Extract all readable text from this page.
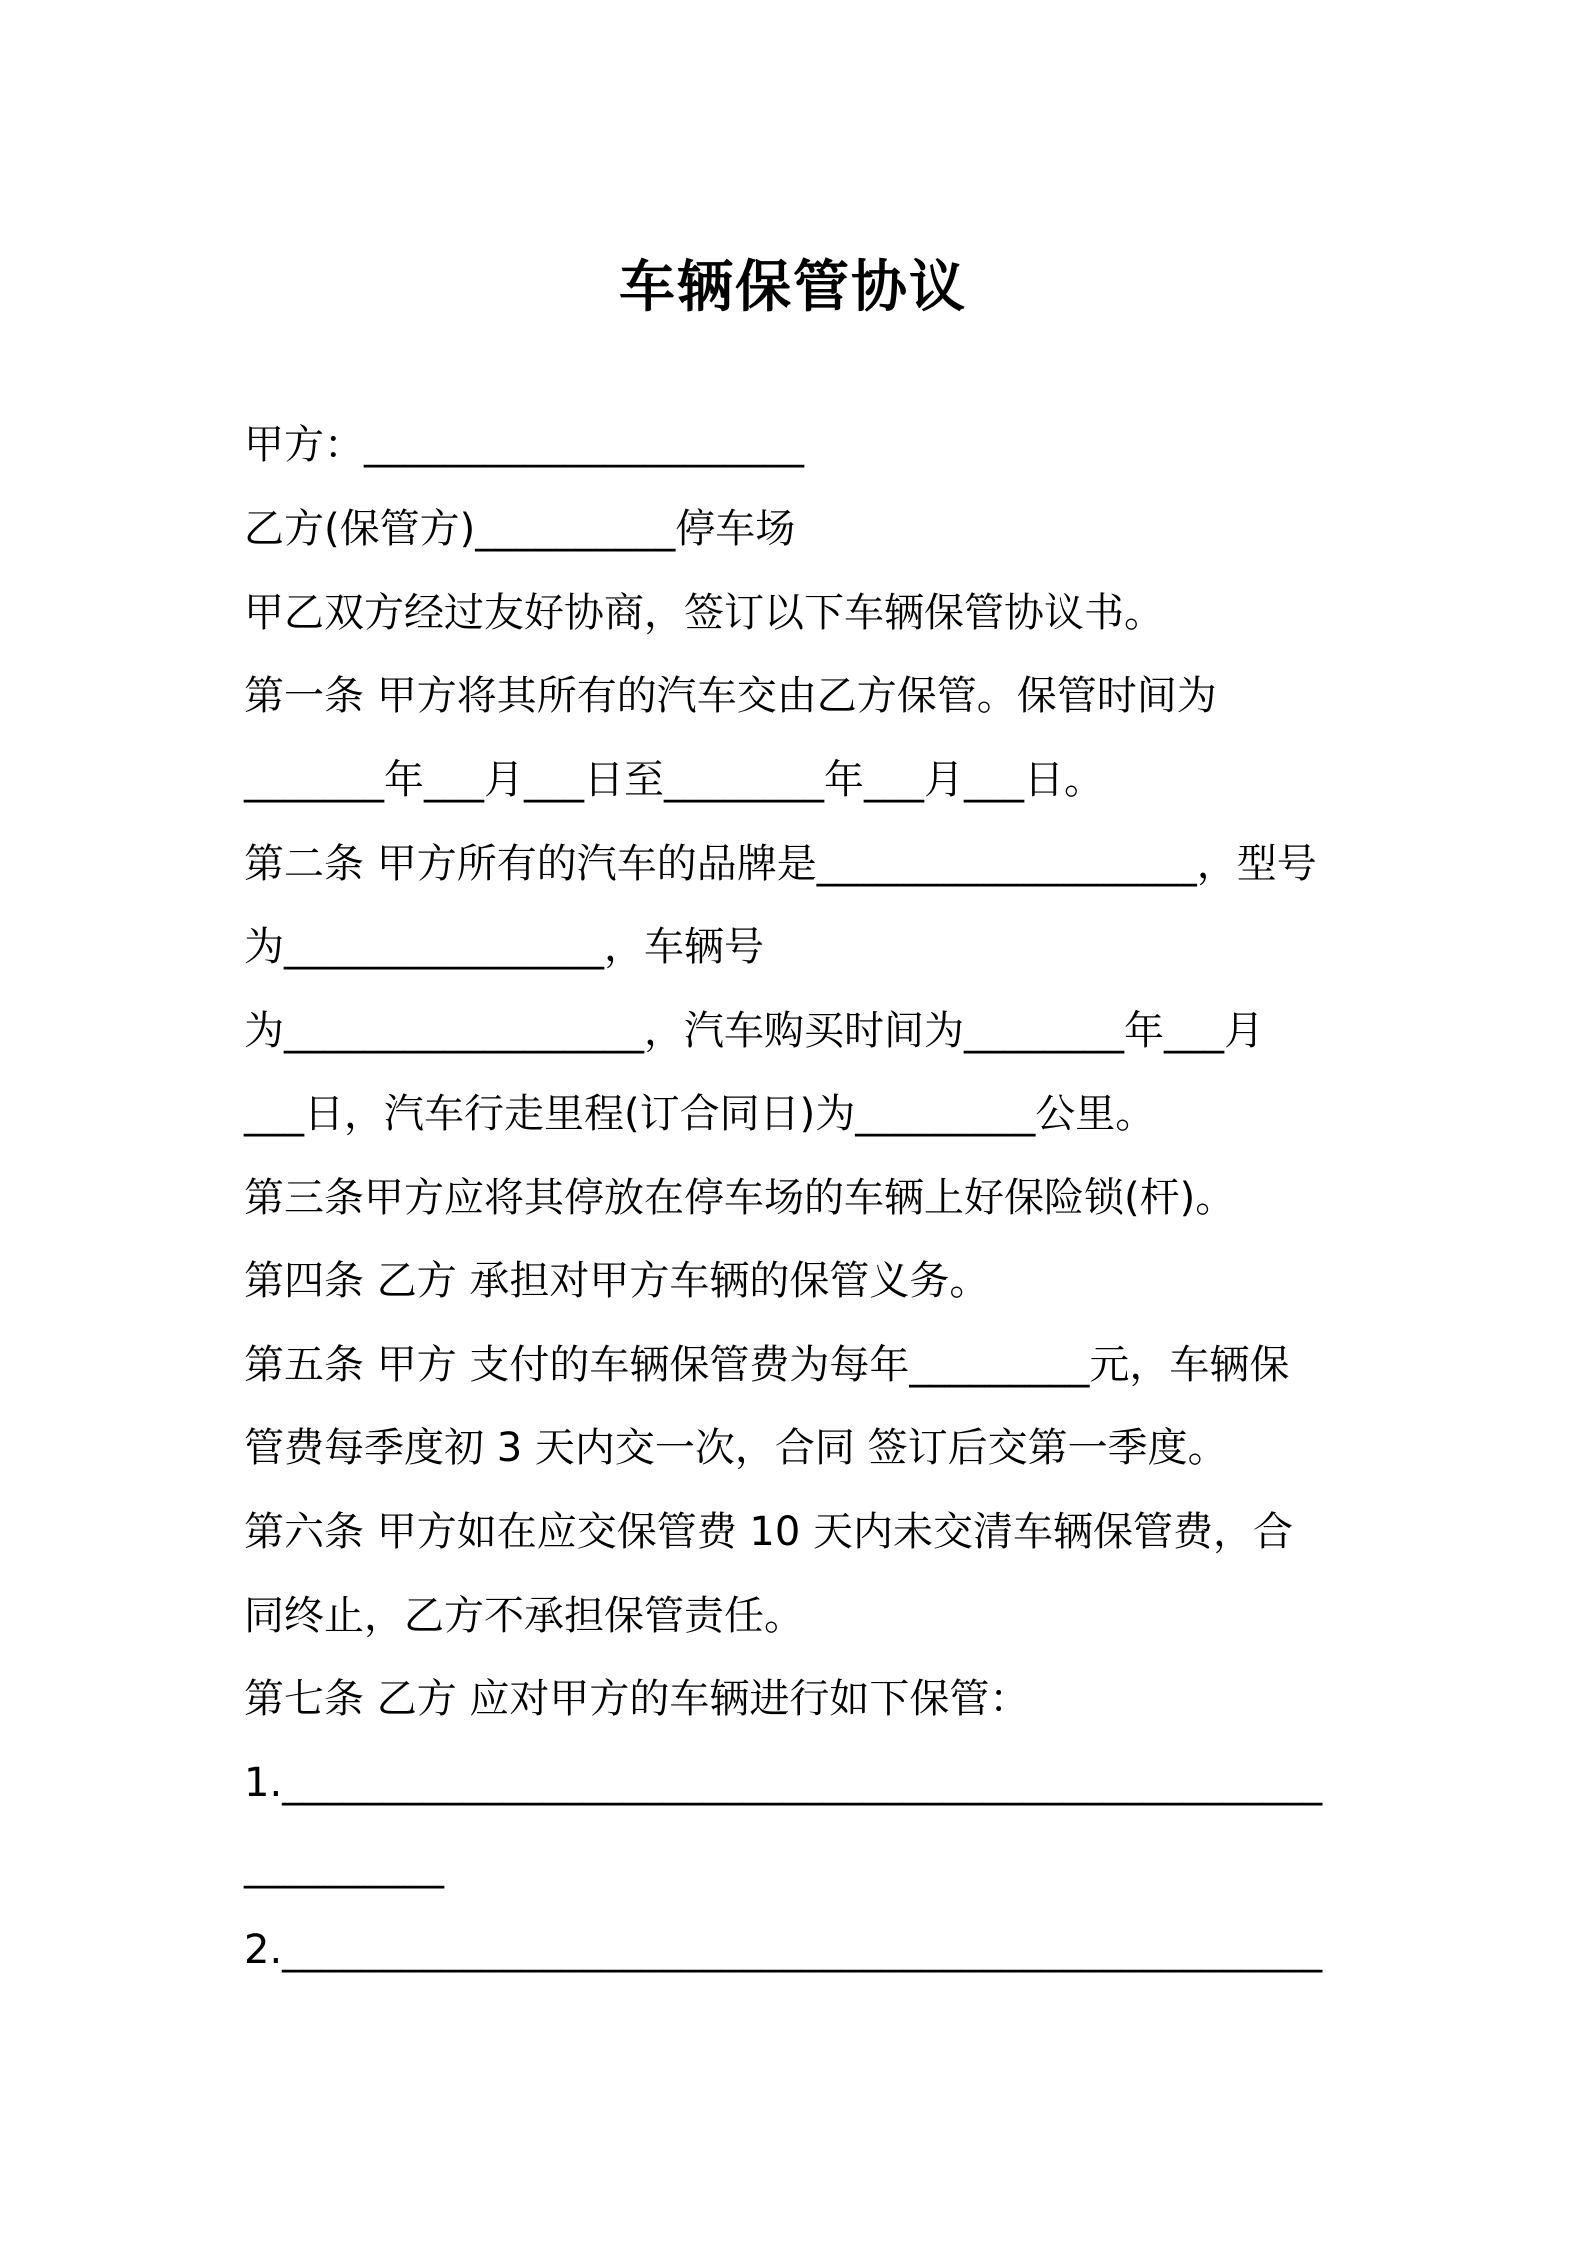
车辆保管协议
甲方：______________________
乙方(保管方)__________停车场
甲乙双方经过友好协商，签订以下车辆保管协议书。
第一条 甲方将其所有的汽车交由乙方保管。保管时间为
_______年___月___日至________年___月___日。
第二条 甲方所有的汽车的品牌是___________________，型号
为________________，车辆号
为__________________，汽车购买时间为________年___月
___日，汽车行走里程(订合同日)为_________公里。
第三条甲方应将其停放在停车场的车辆上好保险锁(杆)。
第四条 乙方 承担对甲方车辆的保管义务。
第五条 甲方 支付的车辆保管费为每年_________元，车辆保
管费每季度初 3 天内交一次，合同 签订后交第一季度。
第六条 甲方如在应交保管费 10 天内未交清车辆保管费，合
同终止，乙方不承担保管责任。
第七条 乙方 应对甲方的车辆进行如下保管：
1.____________________________________________________
__________
2.____________________________________________________
